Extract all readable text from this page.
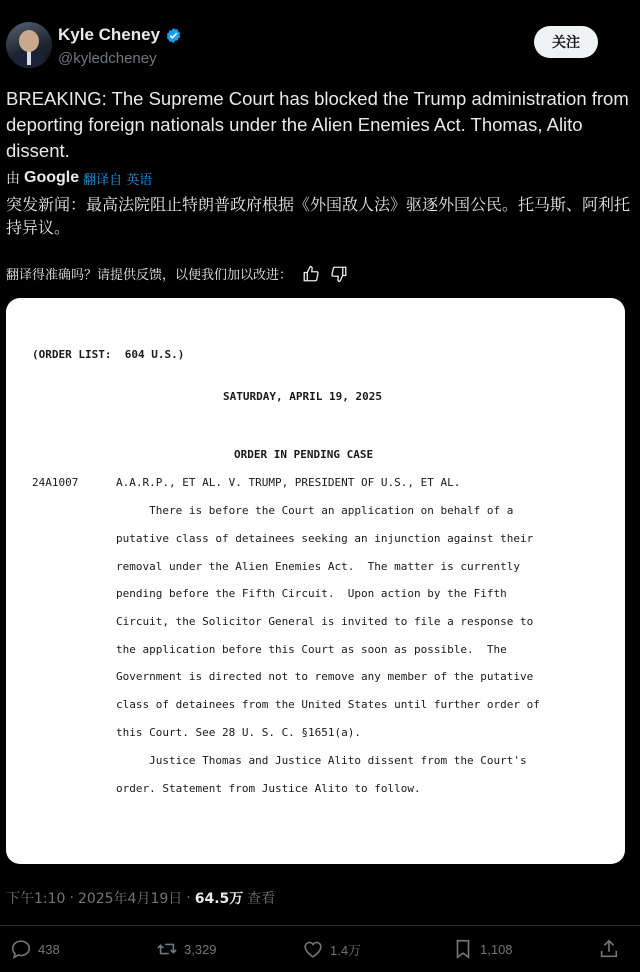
Kyle Cheney
@kyledcheney
关注
BREAKING: The Supreme Court has blocked the Trump administration from deporting foreign nationals under the Alien Enemies Act. Thomas, Alito dissent.
由 Google 翻译自 英语
突发新闻：最高法院阻止特朗普政府根据《外国敌人法》驱逐外国公民。托马斯、阿利托持异议。
翻译得准确吗？请提供反馈，以便我们加以改进：
(ORDER LIST:  604 U.S.)
SATURDAY, APRIL 19, 2025
ORDER IN PENDING CASE
24A1007	A.A.R.P., ET AL. V. TRUMP, PRESIDENT OF U.S., ET AL.
There is before the Court an application on behalf of a
putative class of detainees seeking an injunction against their
removal under the Alien Enemies Act.  The matter is currently
pending before the Fifth Circuit.  Upon action by the Fifth
Circuit, the Solicitor General is invited to file a response to
the application before this Court as soon as possible.  The
Government is directed not to remove any member of the putative
class of detainees from the United States until further order of
this Court. See 28 U. S. C. §1651(a).
Justice Thomas and Justice Alito dissent from the Court's
order. Statement from Justice Alito to follow.
下午1:10 · 2025年4月19日 · 64.5万 查看
438	3,329	1.4万	1,108
